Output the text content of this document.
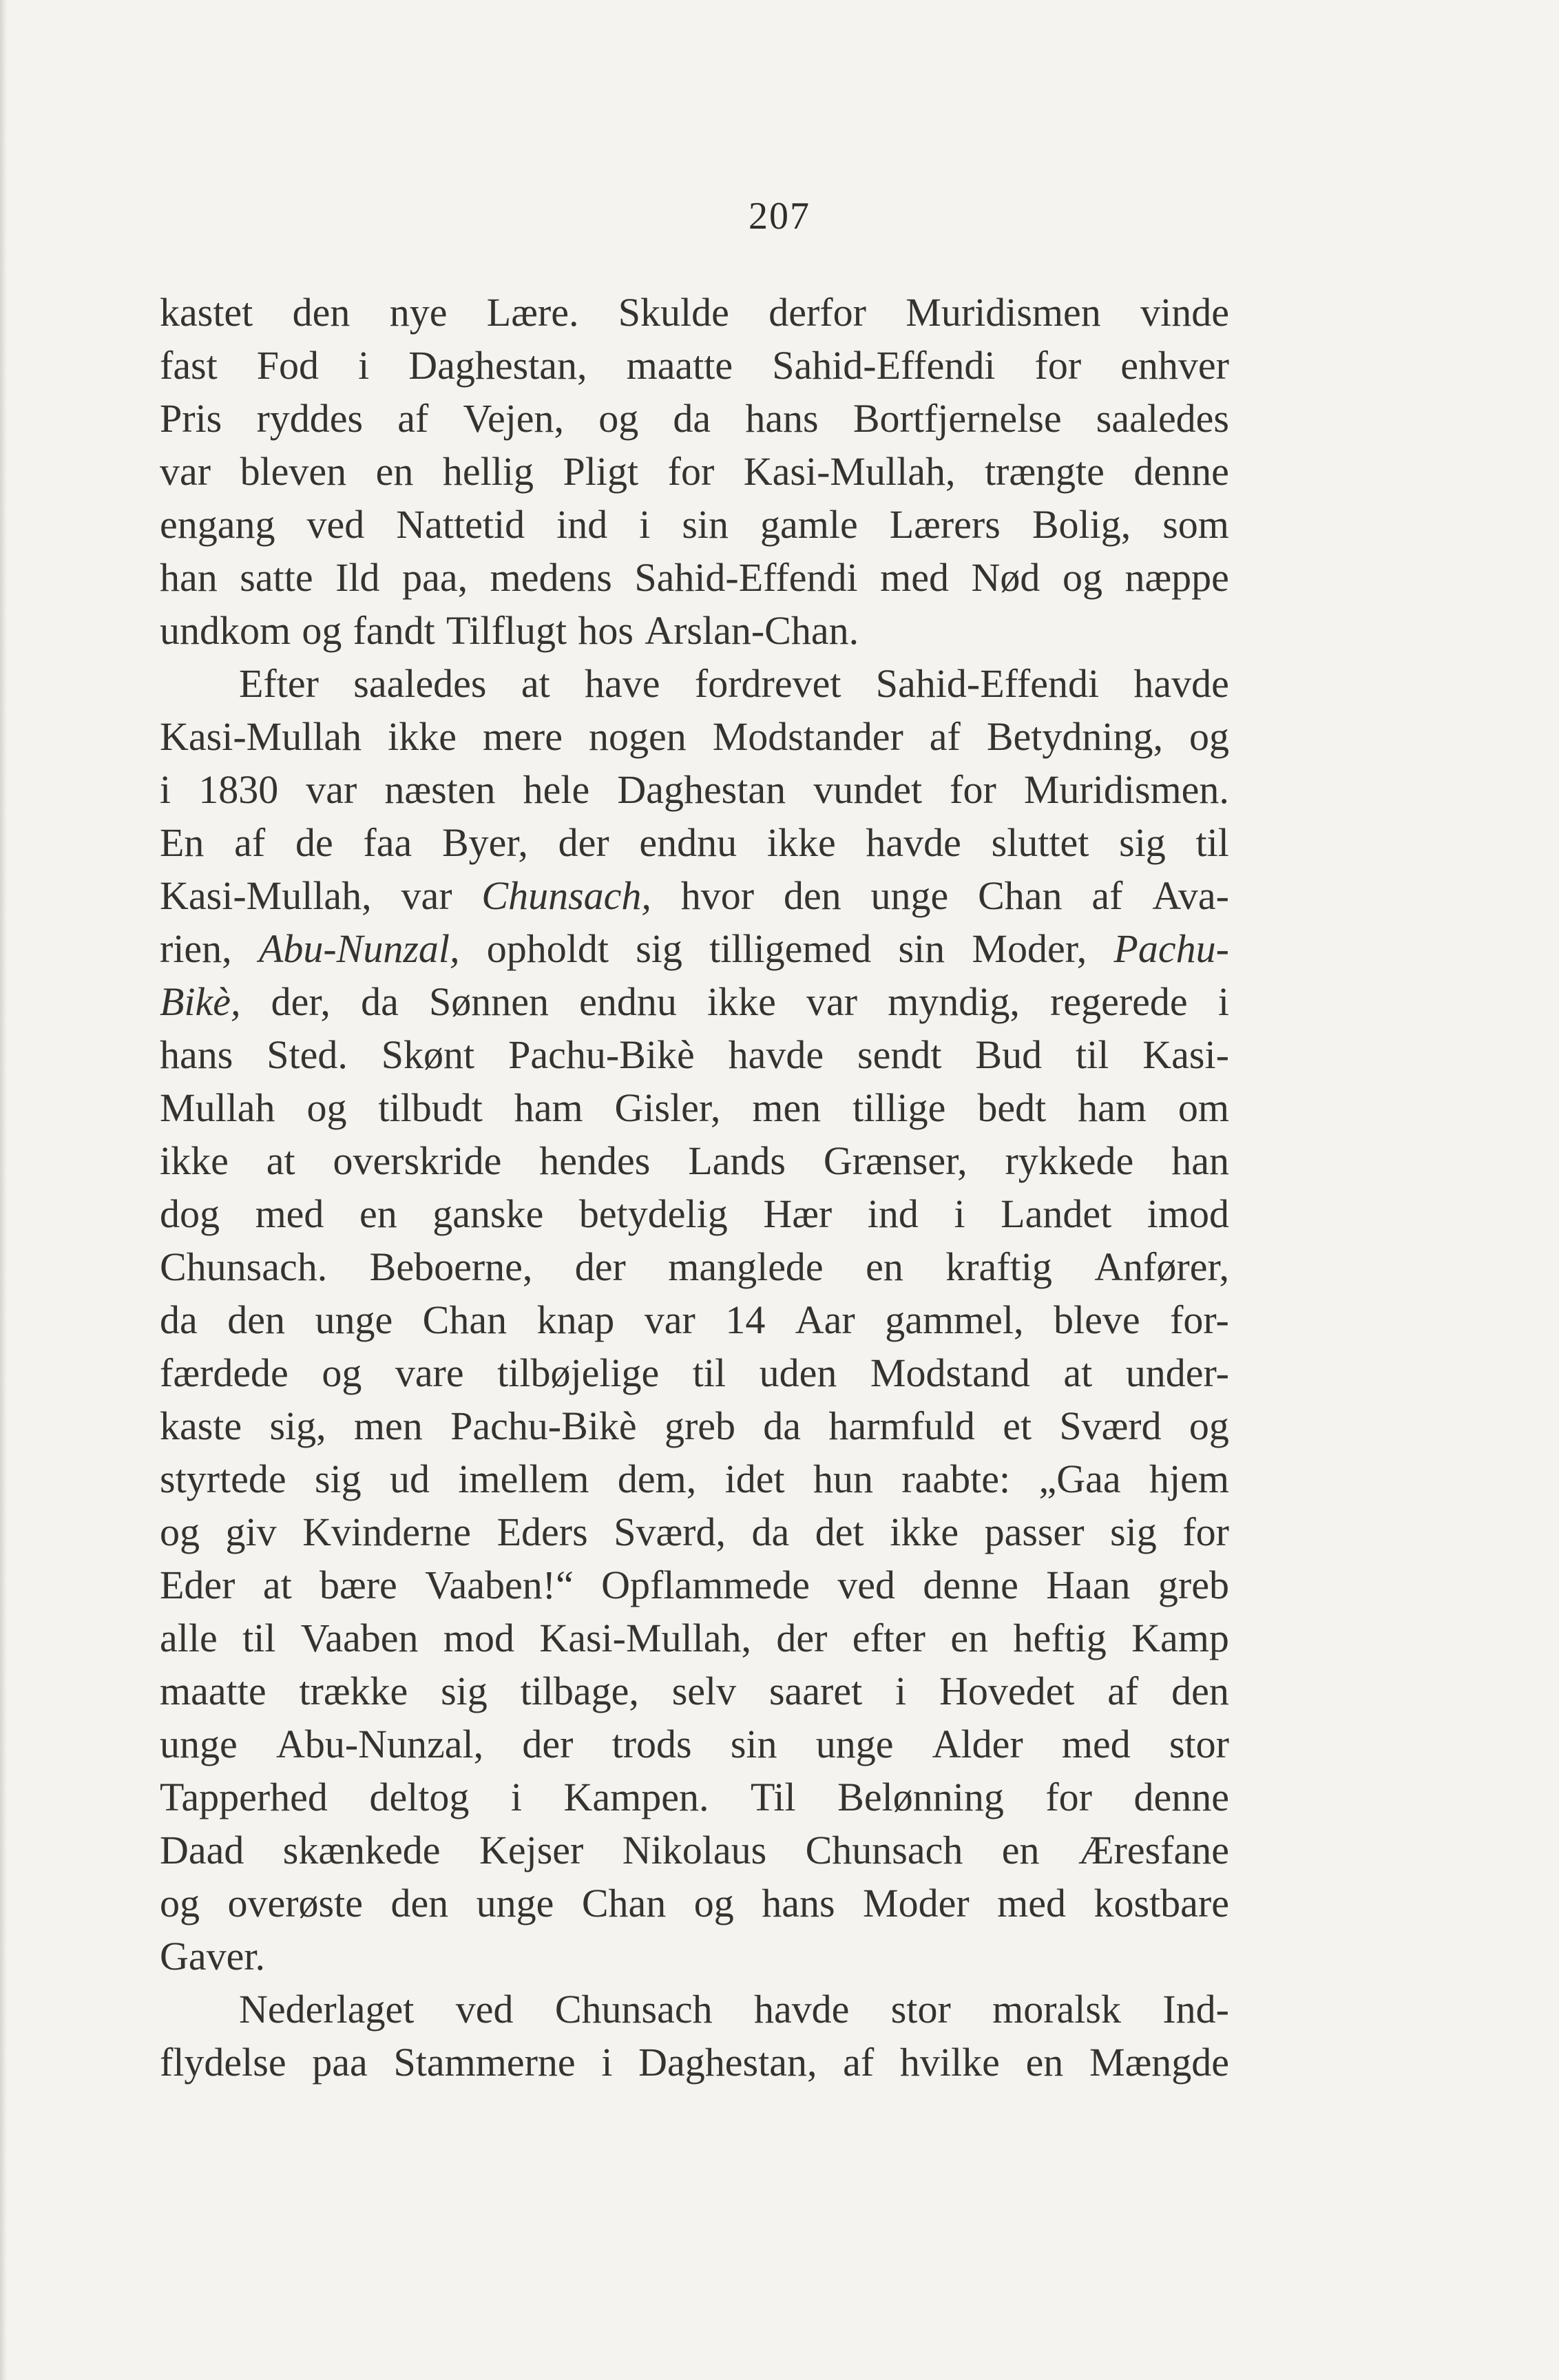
207
kastet den nye Lære. Skulde derfor Muridismen vinde
fast Fod i Daghestan, maatte Sahid-Effendi for enhver
Pris ryddes af Vejen, og da hans Bortfjernelse saaledes
var bleven en hellig Pligt for Kasi-Mullah, trængte denne
engang ved Nattetid ind i sin gamle Lærers Bolig, som
han satte Ild paa, medens Sahid-Effendi med Nød og næppe
undkom og fandt Tilflugt hos Arslan-Chan.
Efter saaledes at have fordrevet Sahid-Effendi havde
Kasi-Mullah ikke mere nogen Modstander af Betydning, og
i 1830 var næsten hele Daghestan vundet for Muridismen.
En af de faa Byer, der endnu ikke havde sluttet sig til
Kasi-Mullah, var Chunsach, hvor den unge Chan af Ava-
rien, Abu-Nunzal, opholdt sig tilligemed sin Moder, Pachu-
Bikè, der, da Sønnen endnu ikke var myndig, regerede i
hans Sted. Skønt Pachu-Bikè havde sendt Bud til Kasi-
Mullah og tilbudt ham Gisler, men tillige bedt ham om
ikke at overskride hendes Lands Grænser, rykkede han
dog med en ganske betydelig Hær ind i Landet imod
Chunsach. Beboerne, der manglede en kraftig Anfører,
da den unge Chan knap var 14 Aar gammel, bleve for-
færdede og vare tilbøjelige til uden Modstand at under-
kaste sig, men Pachu-Bikè greb da harmfuld et Sværd og
styrtede sig ud imellem dem, idet hun raabte: „Gaa hjem
og giv Kvinderne Eders Sværd, da det ikke passer sig for
Eder at bære Vaaben!“ Opflammede ved denne Haan greb
alle til Vaaben mod Kasi-Mullah, der efter en heftig Kamp
maatte trække sig tilbage, selv saaret i Hovedet af den
unge Abu-Nunzal, der trods sin unge Alder med stor
Tapperhed deltog i Kampen. Til Belønning for denne
Daad skænkede Kejser Nikolaus Chunsach en Æresfane
og overøste den unge Chan og hans Moder med kostbare
Gaver.
Nederlaget ved Chunsach havde stor moralsk Ind-
flydelse paa Stammerne i Daghestan, af hvilke en Mængde
